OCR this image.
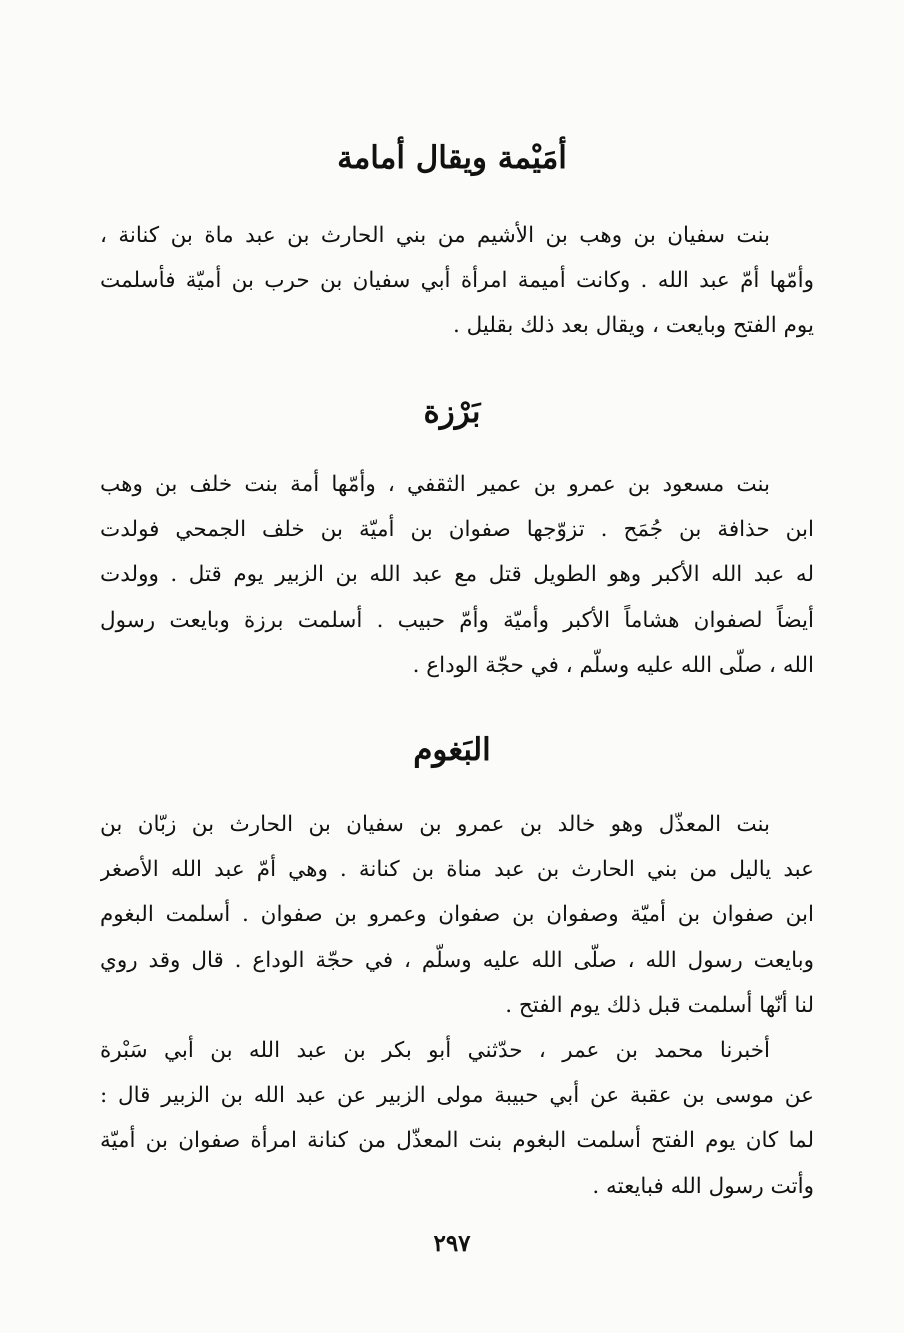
أمَيْمة ويقال أمامة
بنت سفيان بن وهب بن الأشيم من بني الحارث بن عبد ماة بن كنانة ،
وأمّها أمّ عبد الله . وكانت أميمة امرأة أبي سفيان بن حرب بن أميّة فأسلمت
يوم الفتح وبايعت ، ويقال بعد ذلك بقليل .
بَرْزة
بنت مسعود بن عمرو بن عمير الثقفي ، وأمّها أمة بنت خلف بن وهب
ابن حذافة بن جُمَح . تزوّجها صفوان بن أميّة بن خلف الجمحي فولدت
له عبد الله الأكبر وهو الطويل قتل مع عبد الله بن الزبير يوم قتل . وولدت
أيضاً لصفوان هشاماً الأكبر وأميّة وأمّ حبيب . أسلمت برزة وبايعت رسول
الله ، صلّى الله عليه وسلّم ، في حجّة الوداع .
البَغوم
بنت المعذّل وهو خالد بن عمرو بن سفيان بن الحارث بن زبّان بن
عبد ياليل من بني الحارث بن عبد مناة بن كنانة . وهي أمّ عبد الله الأصغر
ابن صفوان بن أميّة وصفوان بن صفوان وعمرو بن صفوان . أسلمت البغوم
وبايعت رسول الله ، صلّى الله عليه وسلّم ، في حجّة الوداع . قال وقد روي
لنا أنّها أسلمت قبل ذلك يوم الفتح .
أخبرنا محمد بن عمر ، حدّثني أبو بكر بن عبد الله بن أبي سَبْرة
عن موسى بن عقبة عن أبي حبيبة مولى الزبير عن عبد الله بن الزبير قال :
لما كان يوم الفتح أسلمت البغوم بنت المعذّل من كنانة امرأة صفوان بن أميّة
وأتت رسول الله فبايعته .
٢٩٧
